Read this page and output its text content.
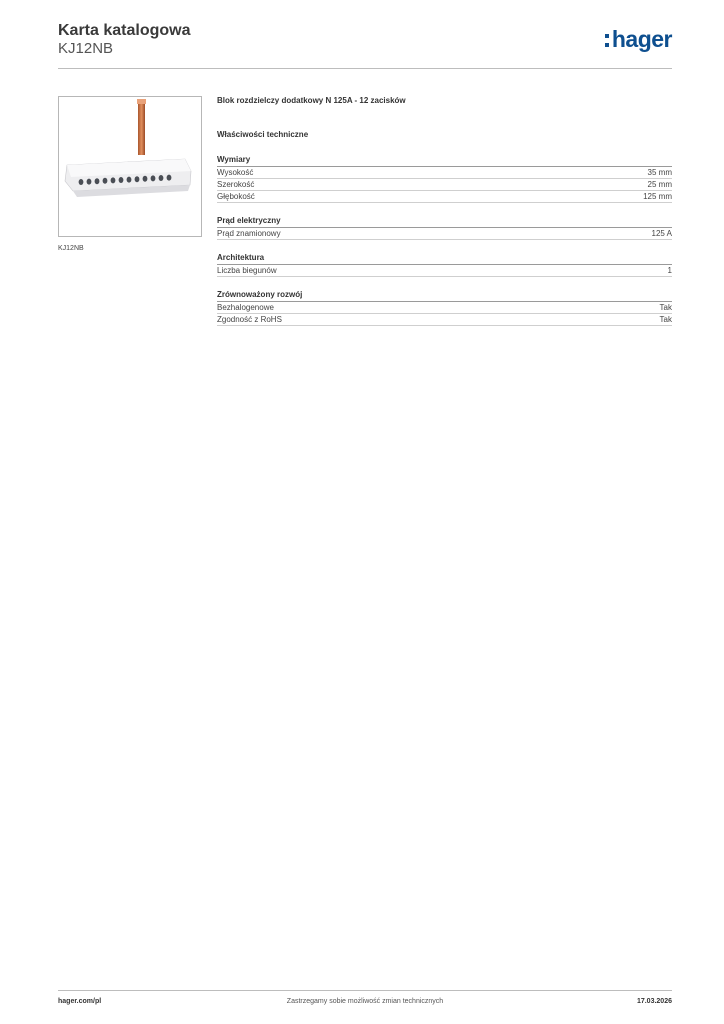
Karta katalogowa
KJ12NB	hager
KJ12NB
Blok rozdzielczy dodatkowy N 125A - 12 zacisków
Właściwości techniczne
Wymiary
Wysokość	35 mm
Szerokość	25 mm
Głębokość	125 mm
Prąd elektryczny
Prąd znamionowy	125 A
Architektura
Liczba biegunów	1
Zrównoważony rozwój
Bezhalogenowe	Tak
Zgodność z RoHS	Tak
hager.com/pl	Zastrzegamy sobie możliwość zmian technicznych	17.03.2026
